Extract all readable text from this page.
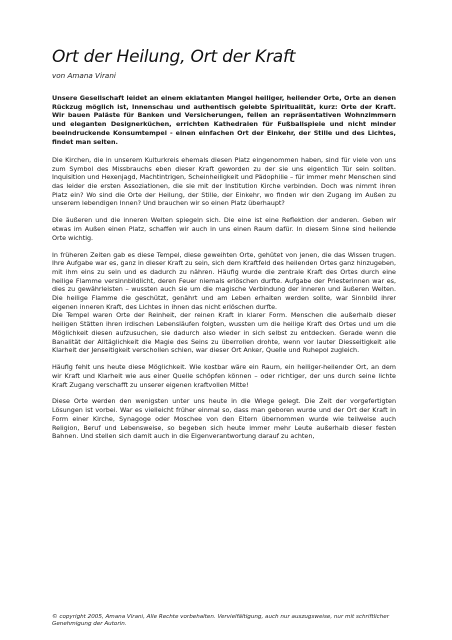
Ort der Heilung, Ort der Kraft
von Amana Virani

Unsere Gesellschaft leidet an einem eklatanten Mangel heiliger, heilender Orte, Orte an denen Rückzug möglich ist, Innenschau und authentisch gelebte Spiritualität, kurz: Orte der Kraft. Wir bauen Paläste für Banken und Versicherungen, feilen an repräsentativen Wohnzimmern und eleganten Designerküchen, errichten Kathedralen für Fußballspiele und nicht minder beeindruckende Konsumtempel - einen einfachen Ort der Einkehr, der Stille und des Lichtes, findet man selten.

Die Kirchen, die in unserem Kulturkreis ehemals diesen Platz eingenommen haben, sind für viele von uns zum Symbol des Missbrauchs eben dieser Kraft geworden zu der sie uns eigentlich Tür sein sollten. Inquisition und Hexenjagd, Machtintrigen, Scheinheiligkeit und Pädophilie – für immer mehr Menschen sind das leider die ersten Assoziationen, die sie mit der Institution Kirche verbinden. Doch was nimmt ihren Platz ein? Wo sind die Orte der Heilung, der Stille, der Einkehr, wo finden wir den Zugang im Außen zu unserem lebendigen Innen? Und brauchen wir so einen Platz überhaupt?

Die äußeren und die inneren Welten spiegeln sich. Die eine ist eine Reflektion der anderen. Geben wir etwas im Außen einen Platz, schaffen wir auch in uns einen Raum dafür. In diesem Sinne sind heilende Orte wichtig.

In früheren Zeiten gab es diese Tempel, diese geweihten Orte, gehütet von jenen, die das Wissen trugen. Ihre Aufgabe war es, ganz in dieser Kraft zu sein, sich dem Kraftfeld des heilenden Ortes ganz hinzugeben, mit ihm eins zu sein und es dadurch zu nähren. Häufig wurde die zentrale Kraft des Ortes durch eine heilige Flamme versinnbildlicht, deren Feuer niemals erlöschen durfte. Aufgabe der Priesterinnen war es, dies zu gewährleisten – wussten auch sie um die magische Verbindung der inneren und äußeren Welten. Die heilige Flamme die geschützt, genährt und am Leben erhalten werden sollte, war Sinnbild ihrer eigenen inneren Kraft, des Lichtes in ihnen das nicht erlöschen durfte.

Die Tempel waren Orte der Reinheit, der reinen Kraft in klarer Form. Menschen die außerhalb dieser heiligen Stätten ihren irdischen Lebensläufen folgten, wussten um die heilige Kraft des Ortes und um die Möglichkeit diesen aufzusuchen, sie dadurch also wieder in sich selbst zu entdecken. Gerade wenn die Banalität der Alltäglichkeit die Magie des Seins zu überrollen drohte, wenn vor lauter Diesseitigkeit alle Klarheit der Jenseitigkeit verschollen schien, war dieser Ort Anker, Quelle und Ruhepol zugleich.

Häufig fehlt uns heute diese Möglichkeit. Wie kostbar wäre ein Raum, ein heiliger-heilender Ort, an dem wir Kraft und Klarheit wie aus einer Quelle schöpfen können – oder richtiger, der uns durch seine lichte Kraft Zugang verschafft zu unserer eigenen kraftvollen Mitte!

Diese Orte werden den wenigsten unter uns heute in die Wiege gelegt. Die Zeit der vorgefertigten Lösungen ist vorbei. War es vielleicht früher einmal so, dass man geboren wurde und der Ort der Kraft in Form einer Kirche, Synagoge oder Moschee von den Eltern übernommen wurde wie teilweise auch Religion, Beruf und Lebensweise, so begeben sich heute immer mehr Leute außerhalb dieser festen Bahnen. Und stellen sich damit auch in die Eigenverantwortung darauf zu achten,

© copyright 2005, Amana Virani, Alle Rechte vorbehalten. Vervielfältigung, auch nur auszugsweise, nur mit schriftlicher Genehmigung der Autorin.
